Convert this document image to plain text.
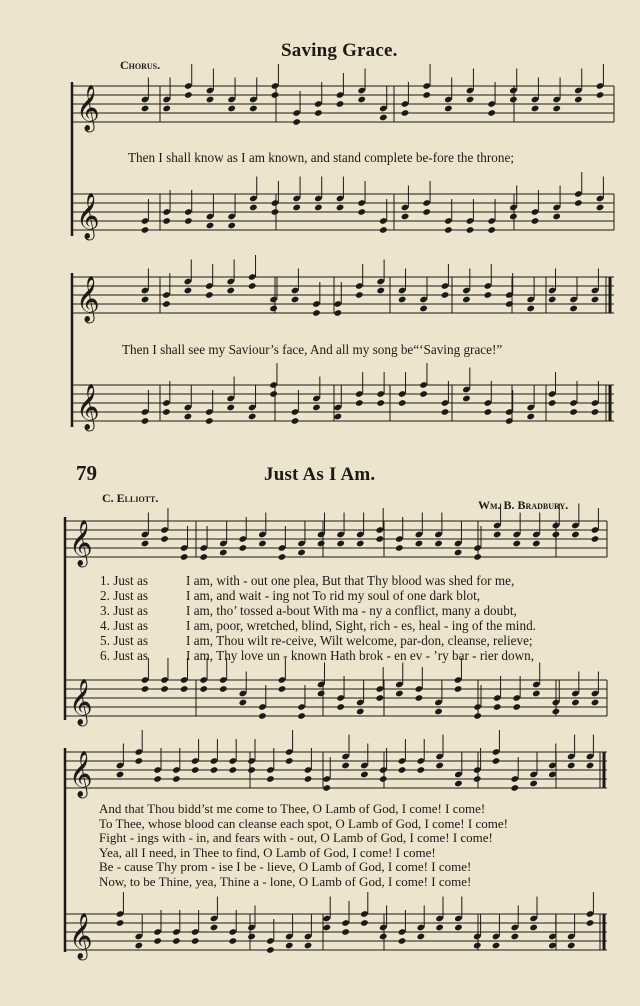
𝄞
𝄞
𝄞
𝄞
𝄞
𝄞
𝄞
𝄞
Saving Grace.
Chorus.
Then I shall know as I am known, and stand complete be-fore the throne;
Then I shall see my Saviour’s face, And all my song be“‘Saving grace!”
79	Just As I Am.
C. Elliott.	Wm. B. Bradbury.
1. Just as	I am, with - out one plea, But that Thy blood was shed for me,
2. Just as	I am, and wait - ing not To rid my soul of one dark blot,
3. Just as	I am, tho’ tossed a-bout With ma - ny a conflict, many a doubt,
4. Just as	I am, poor, wretched, blind, Sight, rich - es, heal - ing of the mind.
5. Just as	I am, Thou wilt re-ceive, Wilt welcome, par-don, cleanse, relieve;
6. Just as	I am, Thy love un - known Hath brok - en ev - ’ry bar - rier down,
And that Thou bidd’st me come to Thee, O Lamb of God, I come! I come!
To Thee, whose blood can cleanse each spot, O Lamb of God, I come! I come!
Fight - ings with - in, and fears with - out, O Lamb of God, I come! I come!
Yea, all I need, in Thee to find, O Lamb of God, I come! I come!
Be - cause Thy prom - ise I be - lieve, O Lamb of God, I come! I come!
Now, to be Thine, yea, Thine a - lone, O Lamb of God, I come! I come!
